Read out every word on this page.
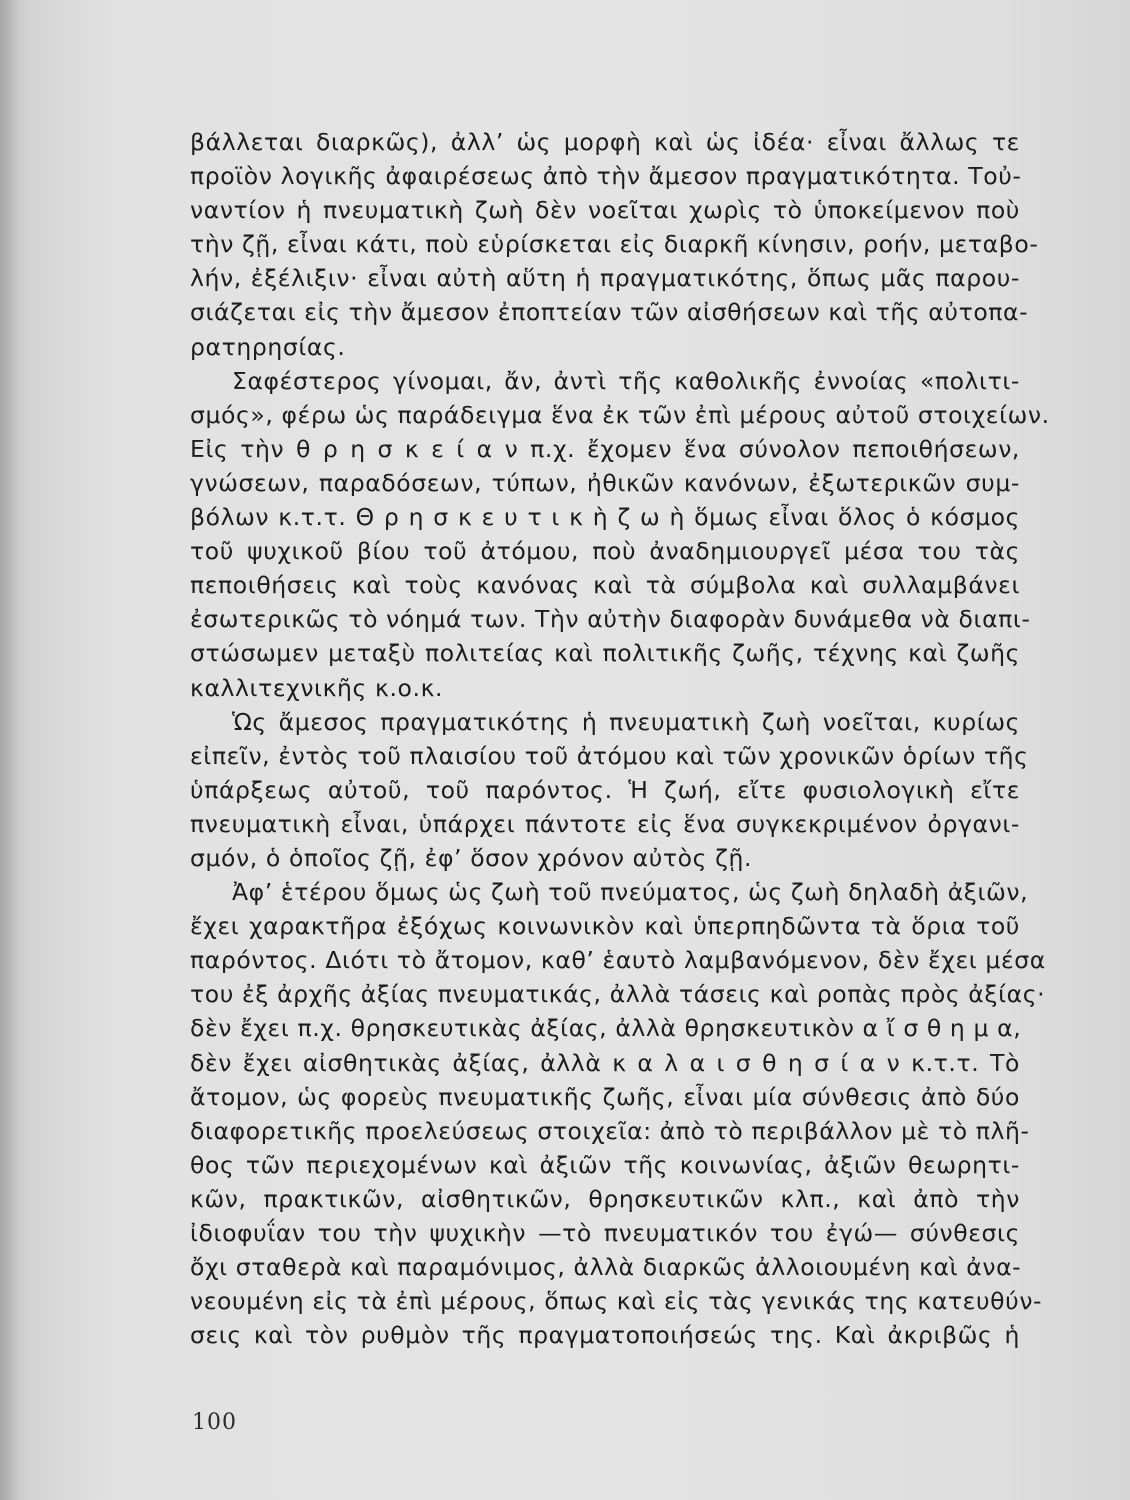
βάλλεται διαρκῶς), ἀλλ’ ὡς μορφὴ καὶ ὡς ἰδέα· εἶναι ἄλλως τε
προϊὸν λογικῆς ἀφαιρέσεως ἀπὸ τὴν ἄμεσον πραγματικότητα. Τοὐ-
ναντίον ἡ πνευματικὴ ζωὴ δὲν νοεῖται χωρὶς τὸ ὑποκείμενον ποὺ
τὴν ζῇ, εἶναι κάτι, ποὺ εὑρίσκεται εἰς διαρκῆ κίνησιν, ροήν, μεταβο-
λήν, ἐξέλιξιν· εἶναι αὐτὴ αὕτη ἡ πραγματικότης, ὅπως μᾶς παρου-
σιάζεται εἰς τὴν ἄμεσον ἐποπτείαν τῶν αἰσθήσεων καὶ τῆς αὐτοπα-
ρατηρησίας.
Σαφέστερος γίνομαι, ἄν, ἀντὶ τῆς καθολικῆς ἐννοίας «πολιτι-
σμός», φέρω ὡς παράδειγμα ἕνα ἐκ τῶν ἐπὶ μέρους αὐτοῦ στοιχείων.
Εἰς τὴν θ ρ η σ κ ε ί α ν π.χ. ἔχομεν ἕνα σύνολον πεποιθήσεων,
γνώσεων, παραδόσεων, τύπων, ἠθικῶν κανόνων, ἐξωτερικῶν συμ-
βόλων κ.τ.τ. Θ ρ η σ κ ε υ τ ι κ ὴ ζ ω ὴ ὅμως εἶναι ὅλος ὁ κόσμος
τοῦ ψυχικοῦ βίου τοῦ ἀτόμου, ποὺ ἀναδημιουργεῖ μέσα του τὰς
πεποιθήσεις καὶ τοὺς κανόνας καὶ τὰ σύμβολα καὶ συλλαμβάνει
ἐσωτερικῶς τὸ νόημά των. Τὴν αὐτὴν διαφορὰν δυνάμεθα νὰ διαπι-
στώσωμεν μεταξὺ πολιτείας καὶ πολιτικῆς ζωῆς, τέχνης καὶ ζωῆς
καλλιτεχνικῆς κ.ο.κ.
Ὡς ἄμεσος πραγματικότης ἡ πνευματικὴ ζωὴ νοεῖται, κυρίως
εἰπεῖν, ἐντὸς τοῦ πλαισίου τοῦ ἀτόμου καὶ τῶν χρονικῶν ὁρίων τῆς
ὑπάρξεως αὐτοῦ, τοῦ παρόντος. Ἡ ζωή, εἴτε φυσιολογικὴ εἴτε
πνευματικὴ εἶναι, ὑπάρχει πάντοτε εἰς ἕνα συγκεκριμένον ὀργανι-
σμόν, ὁ ὁποῖος ζῇ, ἐφ’ ὅσον χρόνον αὐτὸς ζῇ.
Ἀφ’ ἑτέρου ὅμως ὡς ζωὴ τοῦ πνεύματος, ὡς ζωὴ δηλαδὴ ἀξιῶν,
ἔχει χαρακτῆρα ἐξόχως κοινωνικὸν καὶ ὑπερπηδῶντα τὰ ὅρια τοῦ
παρόντος. Διότι τὸ ἄτομον, καθ’ ἑαυτὸ λαμβανόμενον, δὲν ἔχει μέσα
του ἐξ ἀρχῆς ἀξίας πνευματικάς, ἀλλὰ τάσεις καὶ ροπὰς πρὸς ἀξίας·
δὲν ἔχει π.χ. θρησκευτικὰς ἀξίας, ἀλλὰ θρησκευτικὸν α ἴ σ θ η μ α,
δὲν ἔχει αἰσθητικὰς ἀξίας, ἀλλὰ κ α λ α ι σ θ η σ ί α ν κ.τ.τ. Τὸ
ἄτομον, ὡς φορεὺς πνευματικῆς ζωῆς, εἶναι μία σύνθεσις ἀπὸ δύο
διαφορετικῆς προελεύσεως στοιχεῖα: ἀπὸ τὸ περιβάλλον μὲ τὸ πλῆ-
θος τῶν περιεχομένων καὶ ἀξιῶν τῆς κοινωνίας, ἀξιῶν θεωρητι-
κῶν, πρακτικῶν, αἰσθητικῶν, θρησκευτικῶν κλπ., καὶ ἀπὸ τὴν
ἰδιοφυΐαν του τὴν ψυχικὴν —τὸ πνευματικόν του ἐγώ— σύνθεσις
ὄχι σταθερὰ καὶ παραμόνιμος, ἀλλὰ διαρκῶς ἀλλοιουμένη καὶ ἀνα-
νεουμένη εἰς τὰ ἐπὶ μέρους, ὅπως καὶ εἰς τὰς γενικάς της κατευθύν-
σεις καὶ τὸν ρυθμὸν τῆς πραγματοποιήσεώς της. Καὶ ἀκριβῶς ἡ
100
